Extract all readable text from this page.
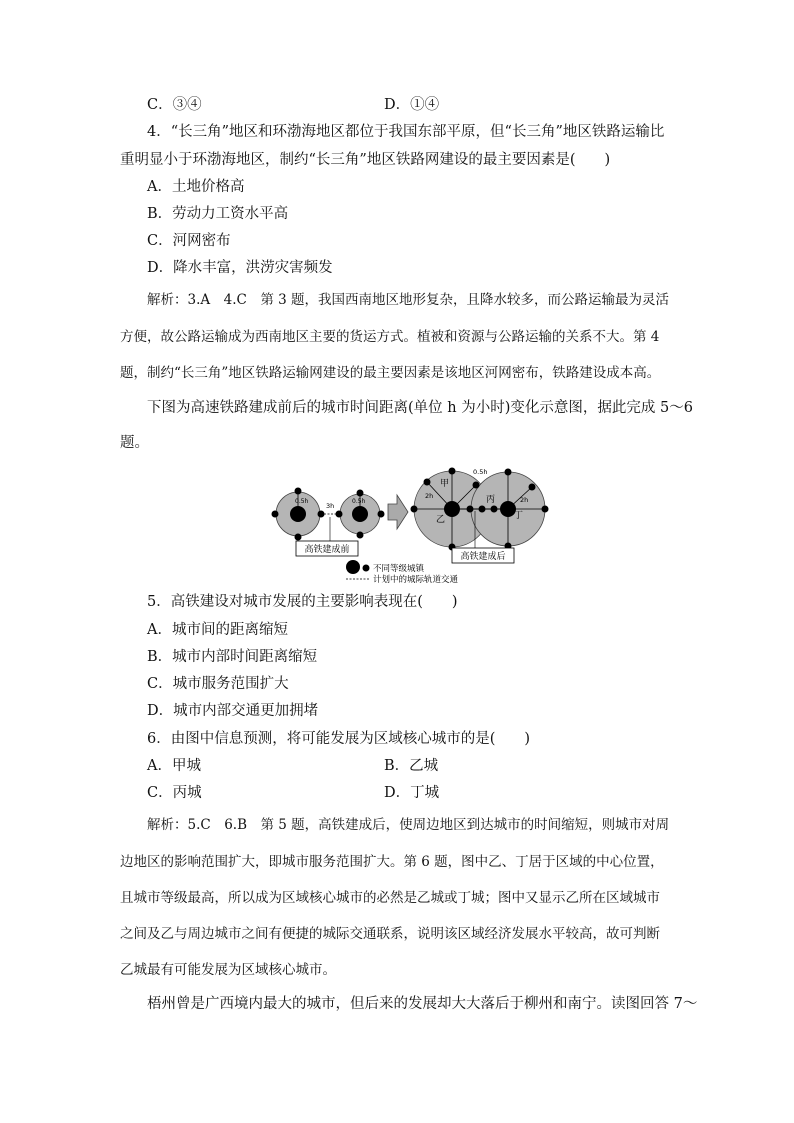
C．③④	D．①④
4．“长三角”地区和环渤海地区都位于我国东部平原，但“长三角”地区铁路运输比
重明显小于环渤海地区，制约“长三角”地区铁路网建设的最主要因素是(　　)
A．土地价格高
B．劳动力工资水平高
C．河网密布
D．降水丰富，洪涝灾害频发
解析：3.A　4.C　第 3 题，我国西南地区地形复杂，且降水较多，而公路运输最为灵活
方便，故公路运输成为西南地区主要的货运方式。植被和资源与公路运输的关系不大。第 4
题，制约“长三角”地区铁路运输网建设的最主要因素是该地区河网密布，铁路建设成本高。
下图为高速铁路建成前后的城市时间距离(单位 h 为小时)变化示意图，据此完成 5～6
题。
0.5h
3h
0.5h
高铁建成前
甲
乙
丙
丁
0.5h
2h	2h
高铁建成后
不同等级城镇
计划中的城际轨道交通
5．高铁建设对城市发展的主要影响表现在(　　)
A．城市间的距离缩短
B．城市内部时间距离缩短
C．城市服务范围扩大
D．城市内部交通更加拥堵
6．由图中信息预测，将可能发展为区域核心城市的是(　　)
A．甲城	B．乙城
C．丙城	D．丁城
解析：5.C　6.B　第 5 题，高铁建成后，使周边地区到达城市的时间缩短，则城市对周
边地区的影响范围扩大，即城市服务范围扩大。第 6 题，图中乙、丁居于区域的中心位置，
且城市等级最高，所以成为区域核心城市的必然是乙城或丁城；图中又显示乙所在区域城市
之间及乙与周边城市之间有便捷的城际交通联系，说明该区域经济发展水平较高，故可判断
乙城最有可能发展为区域核心城市。
梧州曾是广西境内最大的城市，但后来的发展却大大落后于柳州和南宁。读图回答 7～
